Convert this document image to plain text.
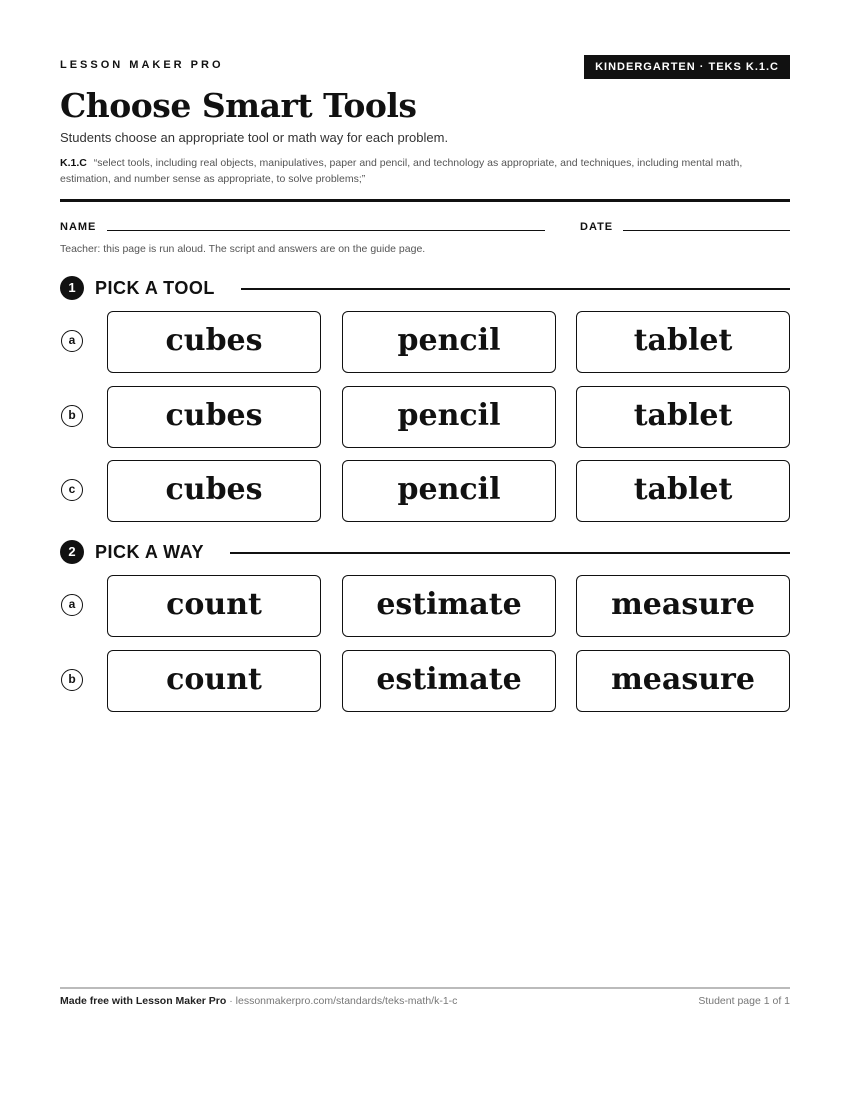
LESSON MAKER PRO	KINDERGARTEN · TEKS K.1.C
Choose Smart Tools
Students choose an appropriate tool or math way for each problem.
K.1.C “select tools, including real objects, manipulatives, paper and pencil, and technology as appropriate, and techniques, including mental math, estimation, and number sense as appropriate, to solve problems;”
NAME	DATE
Teacher: this page is run aloud. The script and answers are on the guide page.
1	PICK A TOOL
a	cubes	pencil	tablet
b	cubes	pencil	tablet
c	cubes	pencil	tablet
2	PICK A WAY
a	count	estimate	measure
b	count	estimate	measure
Made free with Lesson Maker Pro · lessonmakerpro.com/standards/teks-math/k-1-c	Student page 1 of 1
